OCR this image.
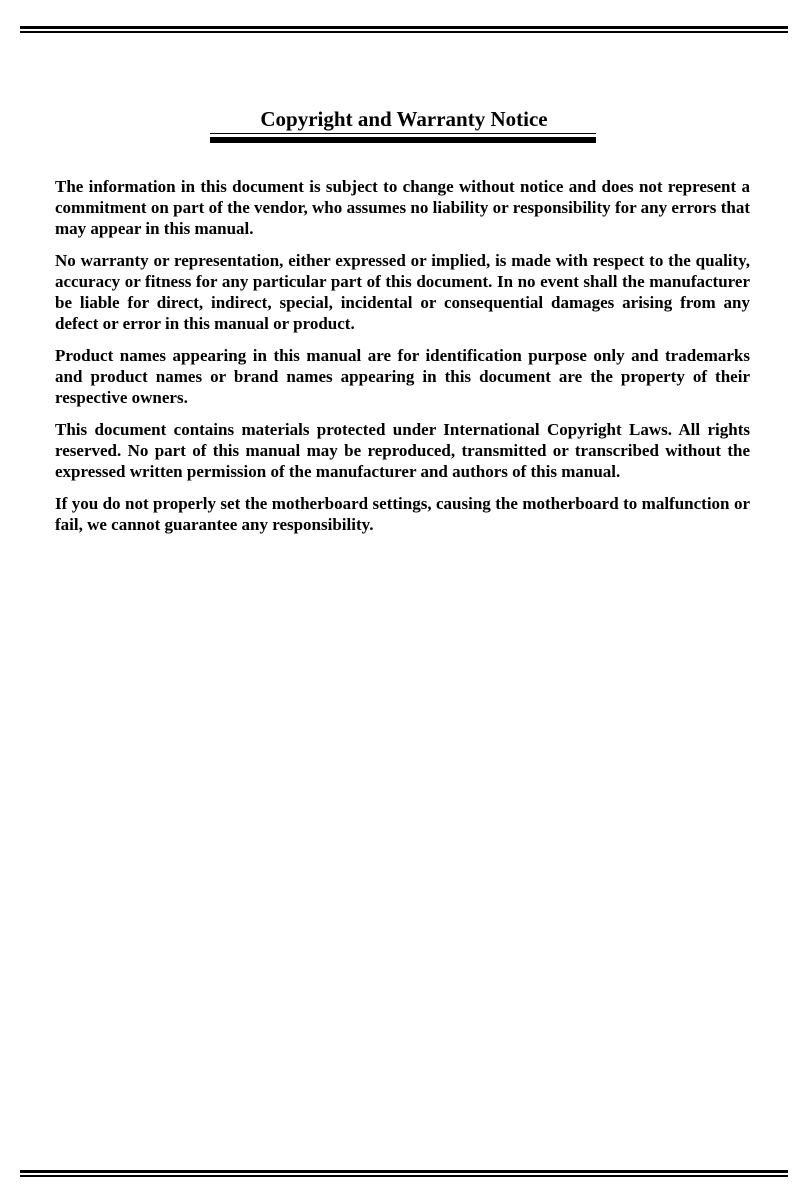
Copyright and Warranty Notice

The information in this document is subject to change without notice and does not represent a commitment on part of the vendor, who assumes no liability or responsibility for any errors that may appear in this manual.

No warranty or representation, either expressed or implied, is made with respect to the quality, accuracy or fitness for any particular part of this document. In no event shall the manufacturer be liable for direct, indirect, special, incidental or consequential damages arising from any defect or error in this manual or product.

Product names appearing in this manual are for identification purpose only and trademarks and product names or brand names appearing in this document are the property of their respective owners.

This document contains materials protected under International Copyright Laws. All rights reserved. No part of this manual may be reproduced, transmitted or transcribed without the expressed written permission of the manufacturer and authors of this manual.

If you do not properly set the motherboard settings, causing the motherboard to malfunction or fail, we cannot guarantee any responsibility.
